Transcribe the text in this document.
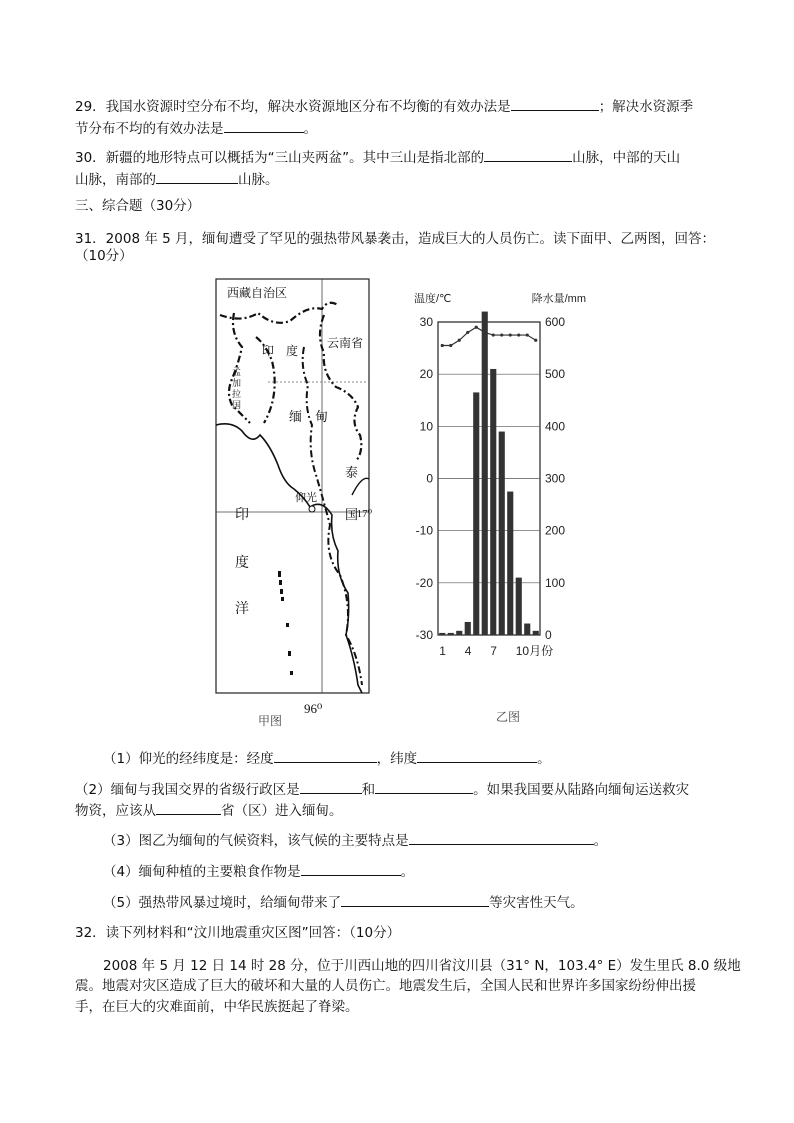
29．我国水资源时空分布不均，解决水资源地区分布不均衡的有效办法是	；解决水资源季
节分布不均的有效办法是	。
30．新疆的地形特点可以概括为“三山夹两盆”。其中三山是指北部的	山脉，中部的天山
山脉，南部的	山脉。
三、综合题（30分）
31．2008 年 5 月，缅甸遭受了罕见的强热带风暴袭击，造成巨大的人员伤亡。读下面甲、乙两图，回答：
（10分）
西藏自治区
印　度
云南省
孟
加
拉
国
缅 甸
泰
国
仰光
印
度
洋
17⁰
96⁰
甲图
温度/℃	降水量/mm
30
20
10
0
-10
-20
-30
600
500
400
300
200
100
0
1 4 7 10月份
乙图
（1）仰光的经纬度是：经度	，纬度	。
（2）缅甸与我国交界的省级行政区是	和	。如果我国要从陆路向缅甸运送救灾
物资，应该从	省（区）进入缅甸。
（3）图乙为缅甸的气候资料，该气候的主要特点是	。
（4）缅甸种植的主要粮食作物是	。
（5）强热带风暴过境时，给缅甸带来了	等灾害性天气。
32．读下列材料和“汶川地震重灾区图”回答：（10分）
2008 年 5 月 12 日 14 时 28 分，位于川西山地的四川省汶川县（31° N，103.4° E）发生里氏 8.0 级地
震。地震对灾区造成了巨大的破坏和大量的人员伤亡。地震发生后，全国人民和世界许多国家纷纷伸出援
手，在巨大的灾难面前，中华民族挺起了脊梁。
